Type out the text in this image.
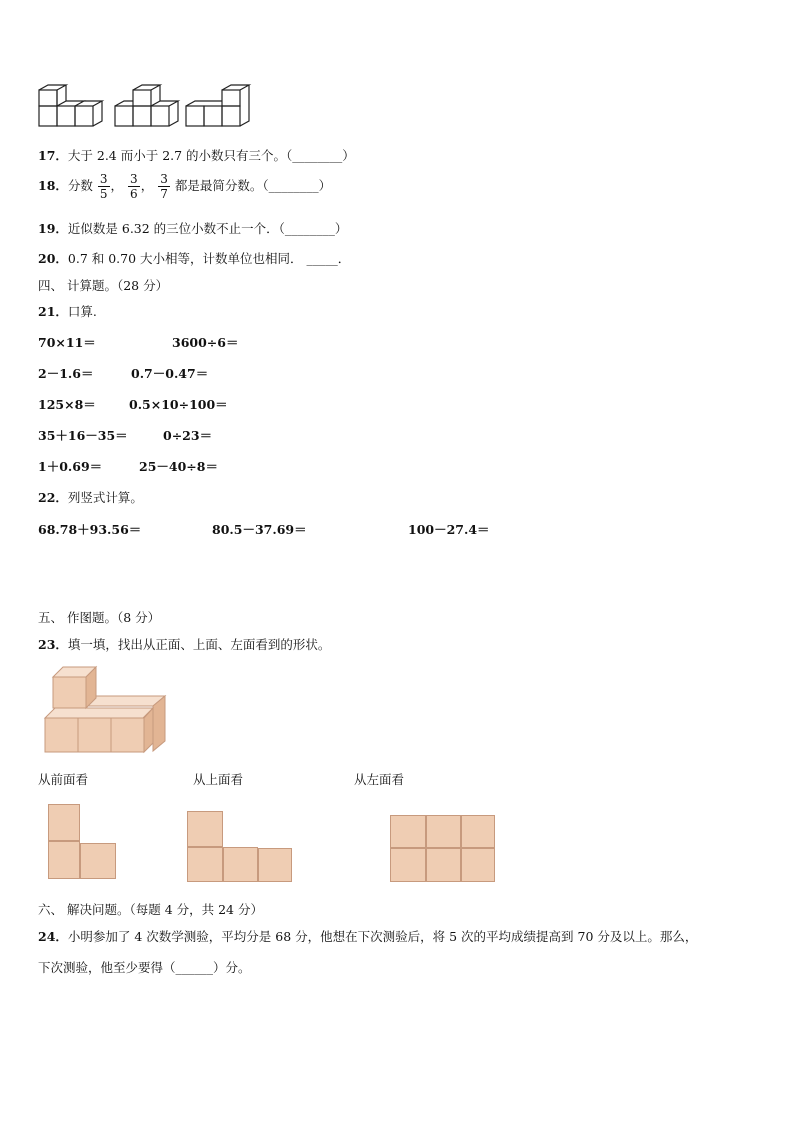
17．大于 2.4 而小于 2.7 的小数只有三个。（________）
18．分数 $\frac{3}{5}$ ， $\frac{3}{6}$ ， $\frac{3}{7}$ 都是最简分数。（________）
19．近似数是 6.32 的三位小数不止一个．（________）
20．0.7 和 0.70 大小相等，计数单位也相同． _____．
四、 计算题。（28 分）
21．口算.
70×11＝	3600÷6＝
2－1.6＝	0.7－0.47＝
125×8＝	0.5×10÷100＝
35＋16－35＝	0÷23＝
1＋0.69＝	25－40÷8＝
22．列竖式计算。
68.78＋93.56＝	80.5－37.69＝	100－27.4＝
五、 作图题。（8 分）
23．填一填，找出从正面、上面、左面看到的形状。
从前面看	从上面看	从左面看
六、 解决问题。（每题 4 分，共 24 分）
24．小明参加了 4 次数学测验，平均分是 68 分，他想在下次测验后，将 5 次的平均成绩提高到 70 分及以上。那么，
下次测验，他至少要得（______）分。
